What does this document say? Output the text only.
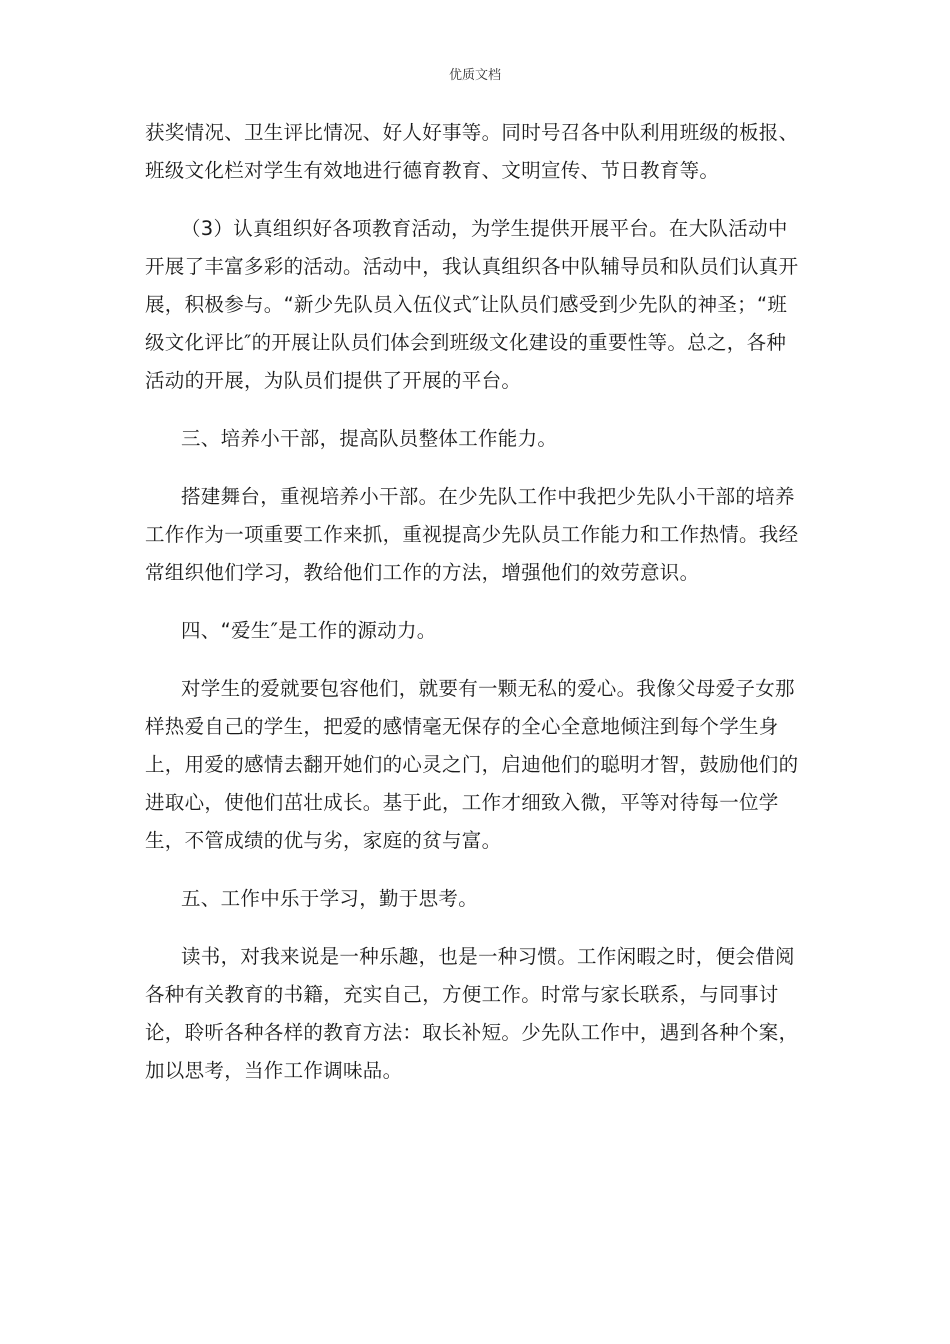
优质文档

获奖情况、卫生评比情况、好人好事等。同时号召各中队利用班级的板报、班级文化栏对学生有效地进行德育教育、文明宣传、节日教育等。

（3）认真组织好各项教育活动，为学生提供开展平台。在大队活动中开展了丰富多彩的活动。活动中，我认真组织各中队辅导员和队员们认真开展，积极参与。“新少先队员入伍仪式″让队员们感受到少先队的神圣；“班级文化评比″的开展让队员们体会到班级文化建设的重要性等。总之，各种活动的开展，为队员们提供了开展的平台。

三、培养小干部，提高队员整体工作能力。

搭建舞台，重视培养小干部。在少先队工作中我把少先队小干部的培养工作作为一项重要工作来抓，重视提高少先队员工作能力和工作热情。我经常组织他们学习，教给他们工作的方法，增强他们的效劳意识。

四、“爱生″是工作的源动力。

对学生的爱就要包容他们，就要有一颗无私的爱心。我像父母爱子女那样热爱自己的学生，把爱的感情毫无保存的全心全意地倾注到每个学生身上，用爱的感情去翻开她们的心灵之门，启迪他们的聪明才智，鼓励他们的进取心，使他们茁壮成长。基于此，工作才细致入微，平等对待每一位学生，不管成绩的优与劣，家庭的贫与富。

五、工作中乐于学习，勤于思考。

读书，对我来说是一种乐趣，也是一种习惯。工作闲暇之时，便会借阅各种有关教育的书籍，充实自己，方便工作。时常与家长联系，与同事讨论，聆听各种各样的教育方法：取长补短。少先队工作中，遇到各种个案，加以思考，当作工作调味品。
